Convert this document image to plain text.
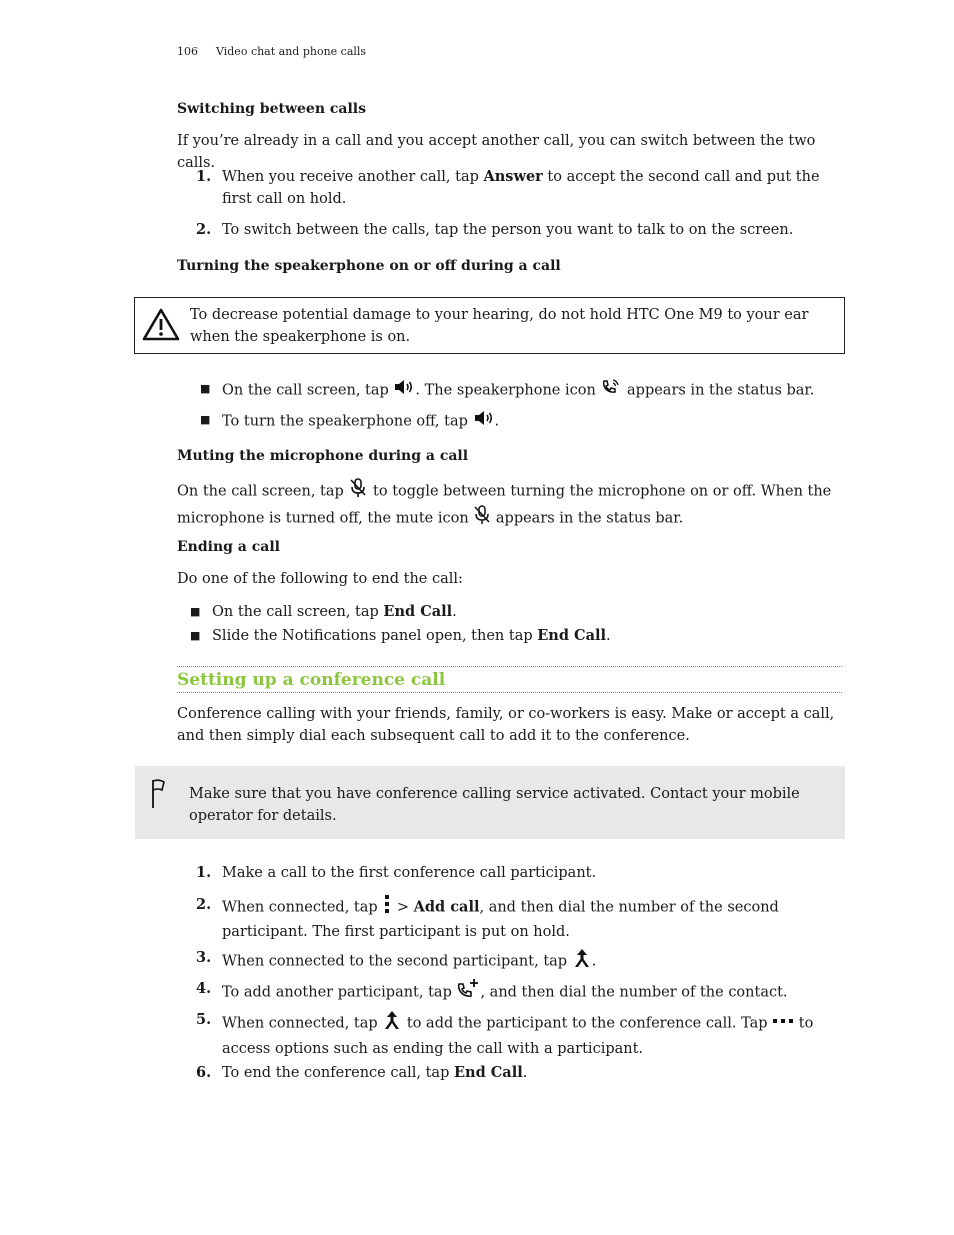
106 Video chat and phone calls
Switching between calls
If you’re already in a call and you accept another call, you can switch between the two calls.
1. When you receive another call, tap Answer to accept the second call and put the first call on hold.
2. To switch between the calls, tap the person you want to talk to on the screen.
Turning the speakerphone on or off during a call
To decrease potential damage to your hearing, do not hold HTC One M9 to your ear when the speakerphone is on.
■ On the call screen, tap . The speakerphone icon  appears in the status bar.
■ To turn the speakerphone off, tap .
Muting the microphone during a call
On the call screen, tap  to toggle between turning the microphone on or off. When the
microphone is turned off, the mute icon  appears in the status bar.
Ending a call
Do one of the following to end the call:
■ On the call screen, tap End Call.
■ Slide the Notifications panel open, then tap End Call.
Setting up a conference call
Conference calling with your friends, family, or co-workers is easy. Make or accept a call, and then simply dial each subsequent call to add it to the conference.
Make sure that you have conference calling service activated. Contact your mobile operator for details.
1. Make a call to the first conference call participant.
2. When connected, tap  > Add call, and then dial the number of the second participant. The first participant is put on hold.
3. When connected to the second participant, tap .
4. To add another participant, tap , and then dial the number of the contact.
5. When connected, tap  to add the participant to the conference call. Tap  to access options such as ending the call with a participant.
6. To end the conference call, tap End Call.
